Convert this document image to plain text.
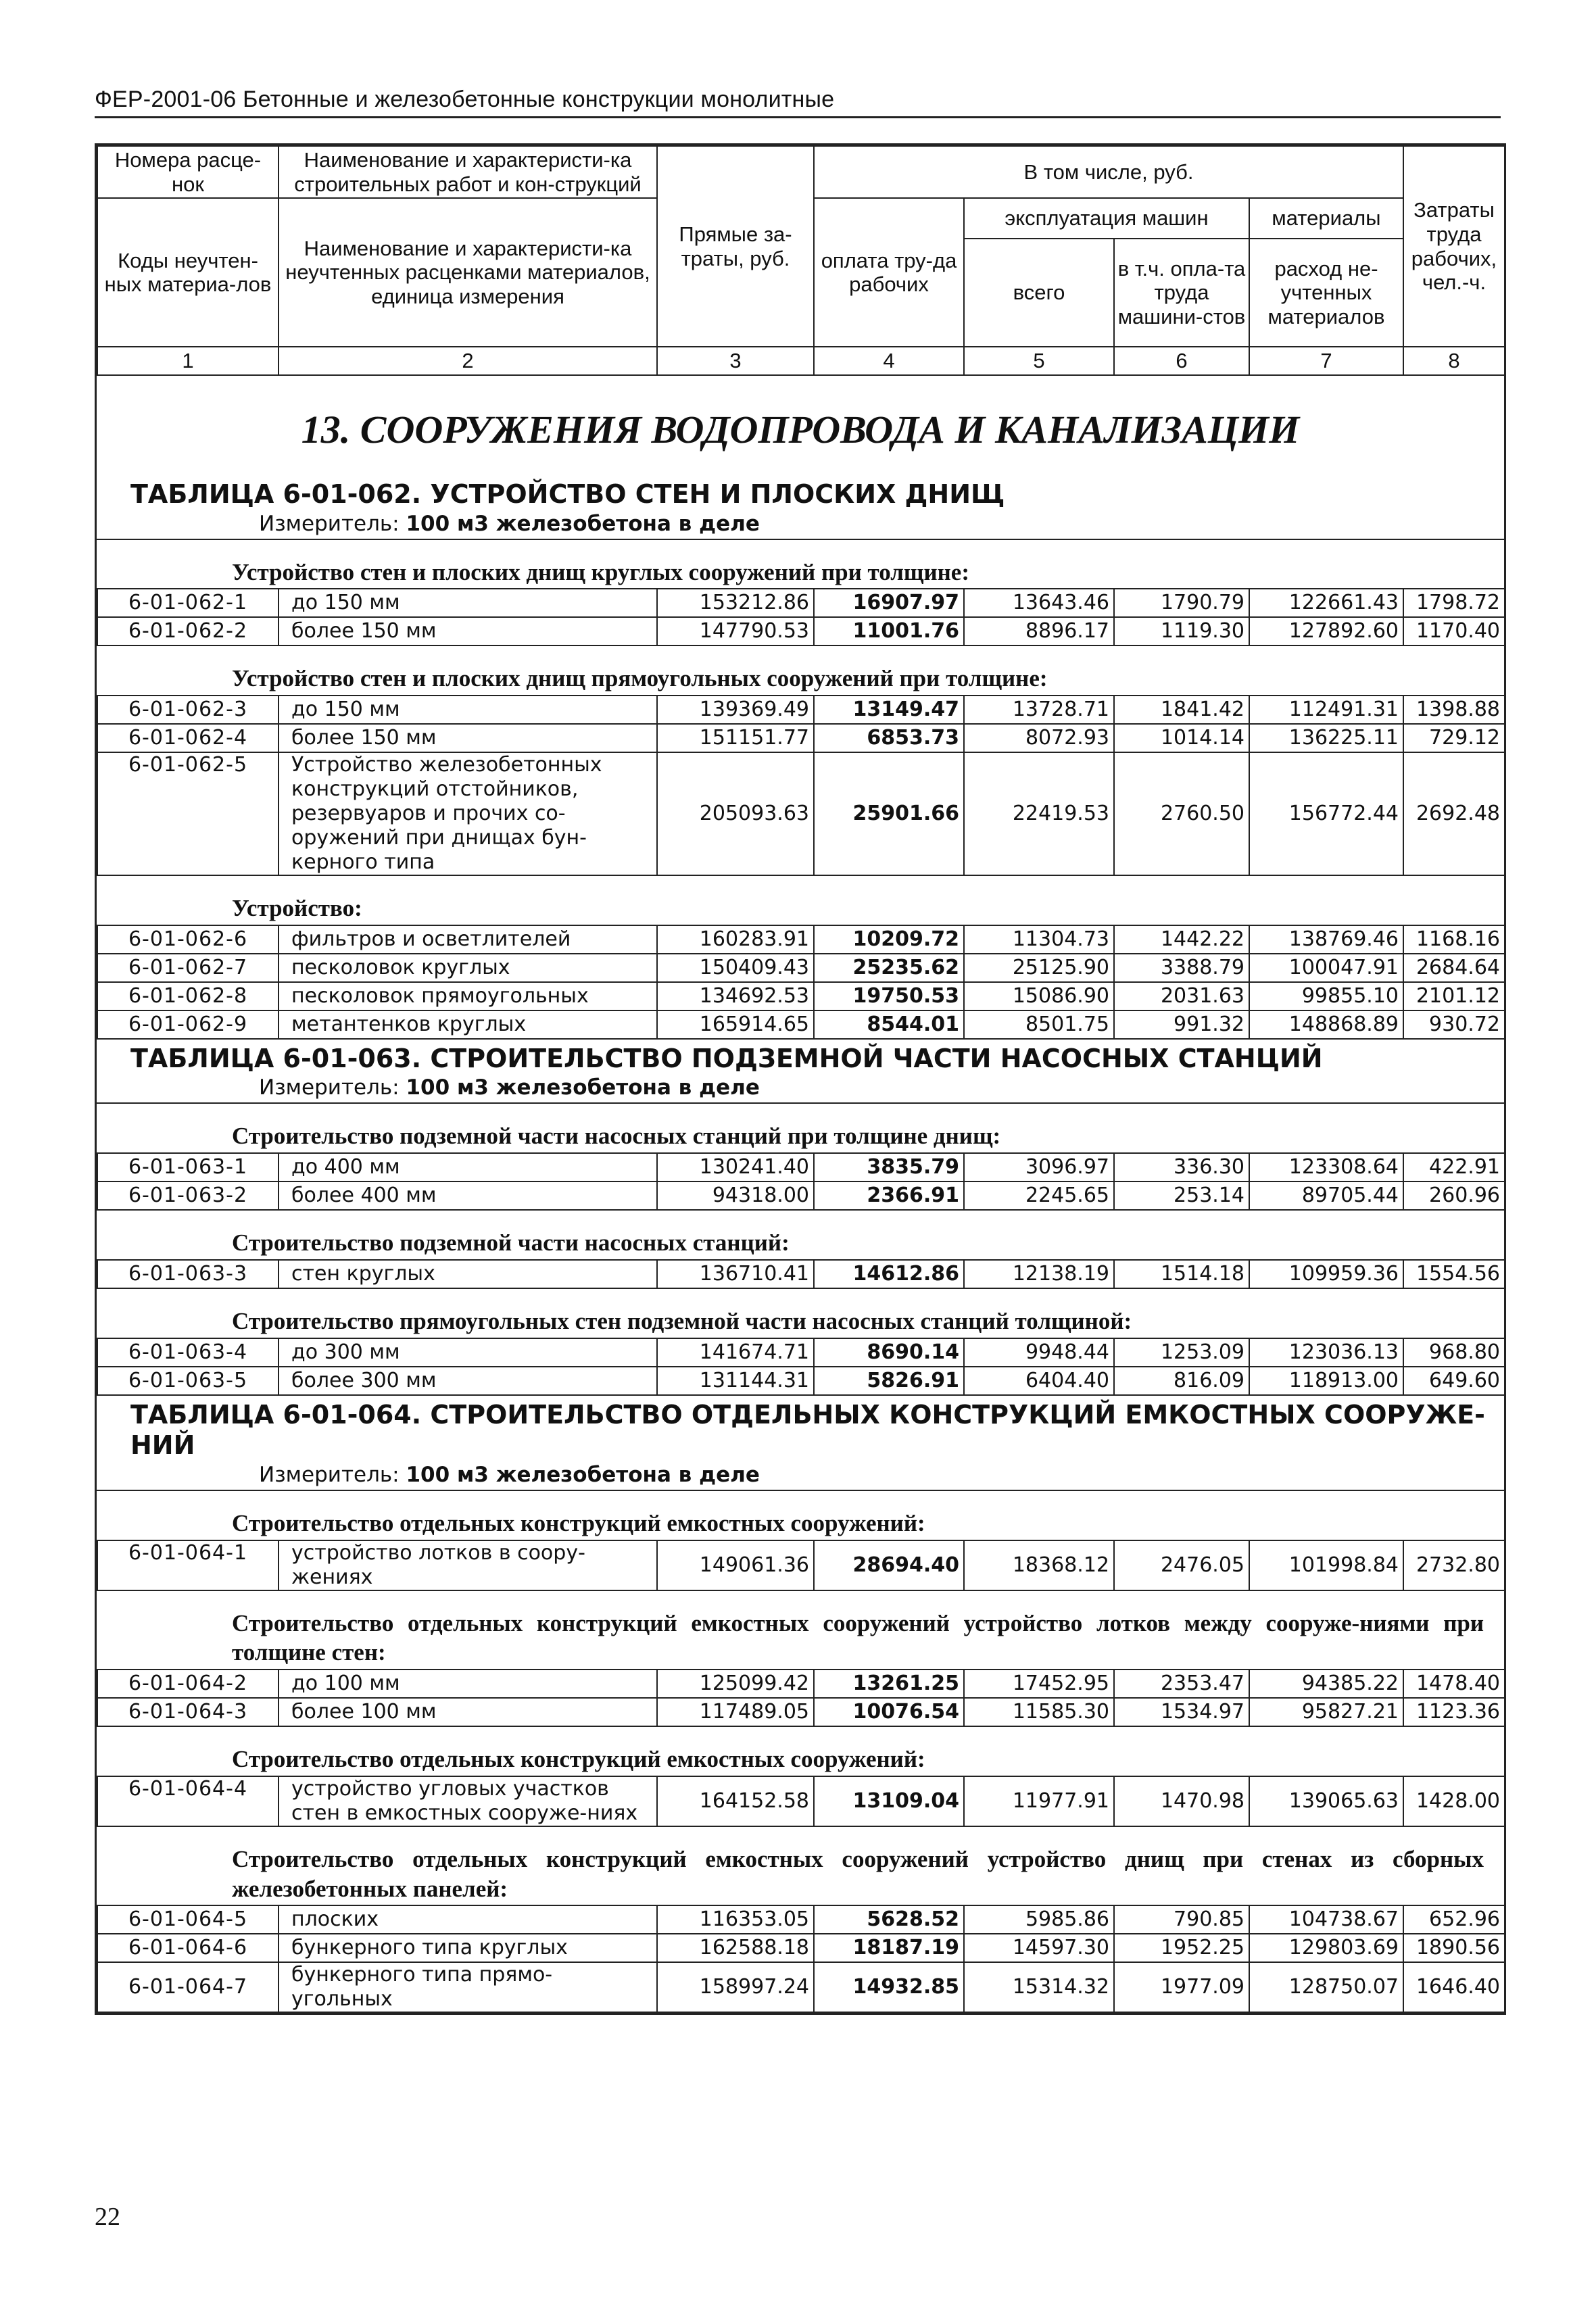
ФЕР-2001-06 Бетонные и железобетонные конструкции монолитные
Номера расце-нок	Наименование и характеристи-ка строительных работ и кон-струкций	Прямые за-траты, руб.	В том числе, руб.				Затраты труда рабочих, чел.-ч.
Коды неучтен-ных материа-лов	Наименование и характеристи-ка неучтенных расценками материалов, единица измерения		оплата тру-да рабочих	эксплуатация машин		материалы	
				всего	в т.ч. опла-та труда машини-стов	расход не-учтенных материалов	
1	2	3	4	5	6	7	8
13. СООРУЖЕНИЯ ВОДОПРОВОДА И КАНАЛИЗАЦИИ
ТАБЛИЦА 6-01-062. УСТРОЙСТВО СТЕН И ПЛОСКИХ ДНИЩ
Измеритель: 100 м3 железобетона в деле
Устройство стен и плоских днищ круглых сооружений при толщине:
6-01-062-1	до 150 мм	153212.86	16907.97	13643.46	1790.79	122661.43	1798.72
6-01-062-2	более 150 мм	147790.53	11001.76	8896.17	1119.30	127892.60	1170.40
Устройство стен и плоских днищ прямоугольных сооружений при толщине:
6-01-062-3	до 150 мм	139369.49	13149.47	13728.71	1841.42	112491.31	1398.88
6-01-062-4	более 150 мм	151151.77	6853.73	8072.93	1014.14	136225.11	729.12
6-01-062-5	Устройство железобетонных конструкций отстойников, резервуаров и прочих со-оружений при днищах бун-керного типа	205093.63	25901.66	22419.53	2760.50	156772.44	2692.48
Устройство:
6-01-062-6	фильтров и осветлителей	160283.91	10209.72	11304.73	1442.22	138769.46	1168.16
6-01-062-7	песколовок круглых	150409.43	25235.62	25125.90	3388.79	100047.91	2684.64
6-01-062-8	песколовок прямоугольных	134692.53	19750.53	15086.90	2031.63	99855.10	2101.12
6-01-062-9	метантенков круглых	165914.65	8544.01	8501.75	991.32	148868.89	930.72
ТАБЛИЦА 6-01-063. СТРОИТЕЛЬСТВО ПОДЗЕМНОЙ ЧАСТИ НАСОСНЫХ СТАНЦИЙ
Измеритель: 100 м3 железобетона в деле
Строительство подземной части насосных станций при толщине днищ:
6-01-063-1	до 400 мм	130241.40	3835.79	3096.97	336.30	123308.64	422.91
6-01-063-2	более 400 мм	94318.00	2366.91	2245.65	253.14	89705.44	260.96
Строительство подземной части насосных станций:
6-01-063-3	стен круглых	136710.41	14612.86	12138.19	1514.18	109959.36	1554.56
Строительство прямоугольных стен подземной части насосных станций толщиной:
6-01-063-4	до 300 мм	141674.71	8690.14	9948.44	1253.09	123036.13	968.80
6-01-063-5	более 300 мм	131144.31	5826.91	6404.40	816.09	118913.00	649.60
ТАБЛИЦА 6-01-064. СТРОИТЕЛЬСТВО ОТДЕЛЬНЫХ КОНСТРУКЦИЙ ЕМКОСТНЫХ СООРУЖЕ-НИЙ
Измеритель: 100 м3 железобетона в деле
Строительство отдельных конструкций емкостных сооружений:
6-01-064-1	устройство лотков в соору-жениях	149061.36	28694.40	18368.12	2476.05	101998.84	2732.80
Строительство отдельных конструкций емкостных сооружений устройство лотков между сооруже-ниями при толщине стен:
6-01-064-2	до 100 мм	125099.42	13261.25	17452.95	2353.47	94385.22	1478.40
6-01-064-3	более 100 мм	117489.05	10076.54	11585.30	1534.97	95827.21	1123.36
Строительство отдельных конструкций емкостных сооружений:
6-01-064-4	устройство угловых участков стен в емкостных сооруже-ниях	164152.58	13109.04	11977.91	1470.98	139065.63	1428.00
Строительство отдельных конструкций емкостных сооружений устройство днищ при стенах из сборных железобетонных панелей:
6-01-064-5	плоских	116353.05	5628.52	5985.86	790.85	104738.67	652.96
6-01-064-6	бункерного типа круглых	162588.18	18187.19	14597.30	1952.25	129803.69	1890.56
6-01-064-7	бункерного типа прямо-угольных	158997.24	14932.85	15314.32	1977.09	128750.07	1646.40
22
